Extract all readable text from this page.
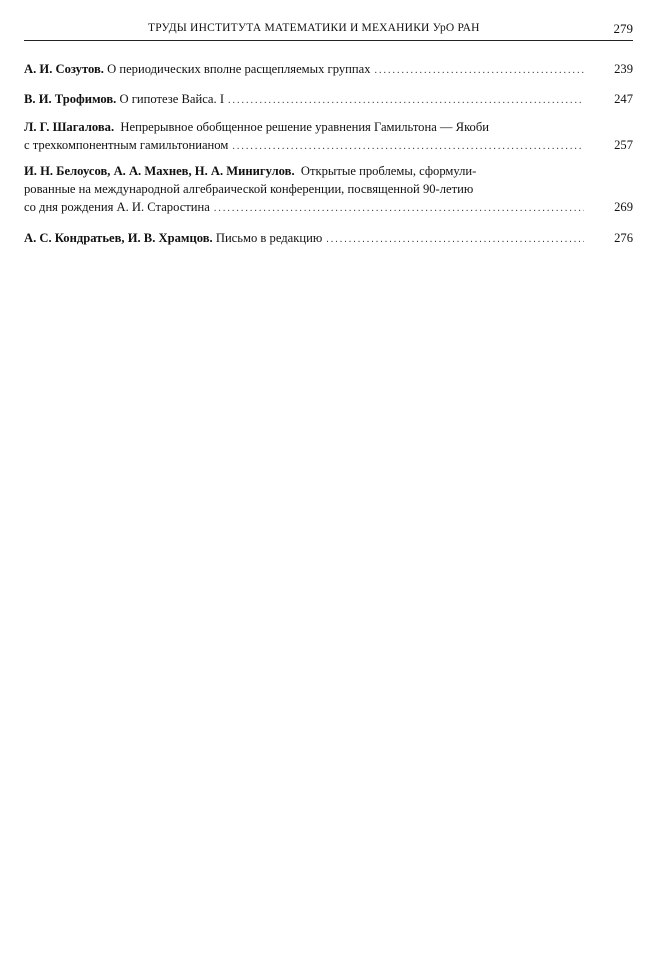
ТРУДЫ ИНСТИТУТА МАТЕМАТИКИ И МЕХАНИКИ УрО РАН	279
А. И. Созутов.
О периодических вполне расщепляемых группах .....	239
В. И. Трофимов.
О гипотезе Вайса. I .....	247
Л. Г. Шагалова. Непрерывное обобщенное решение уравнения Гамильтона — Якоби
с трехкомпонентным гамильтонианом .....	257
И. Н. Белоусов, А. А. Махнев, Н. А. Минигулов. Открытые проблемы, сформули-
рованные на международной алгебраической конференции, посвященной 90-летию
со дня рождения А. И. Старостина .....	269
А. С. Кондратьев, И. В. Храмцов.
Письмо в редакцию .....	276
